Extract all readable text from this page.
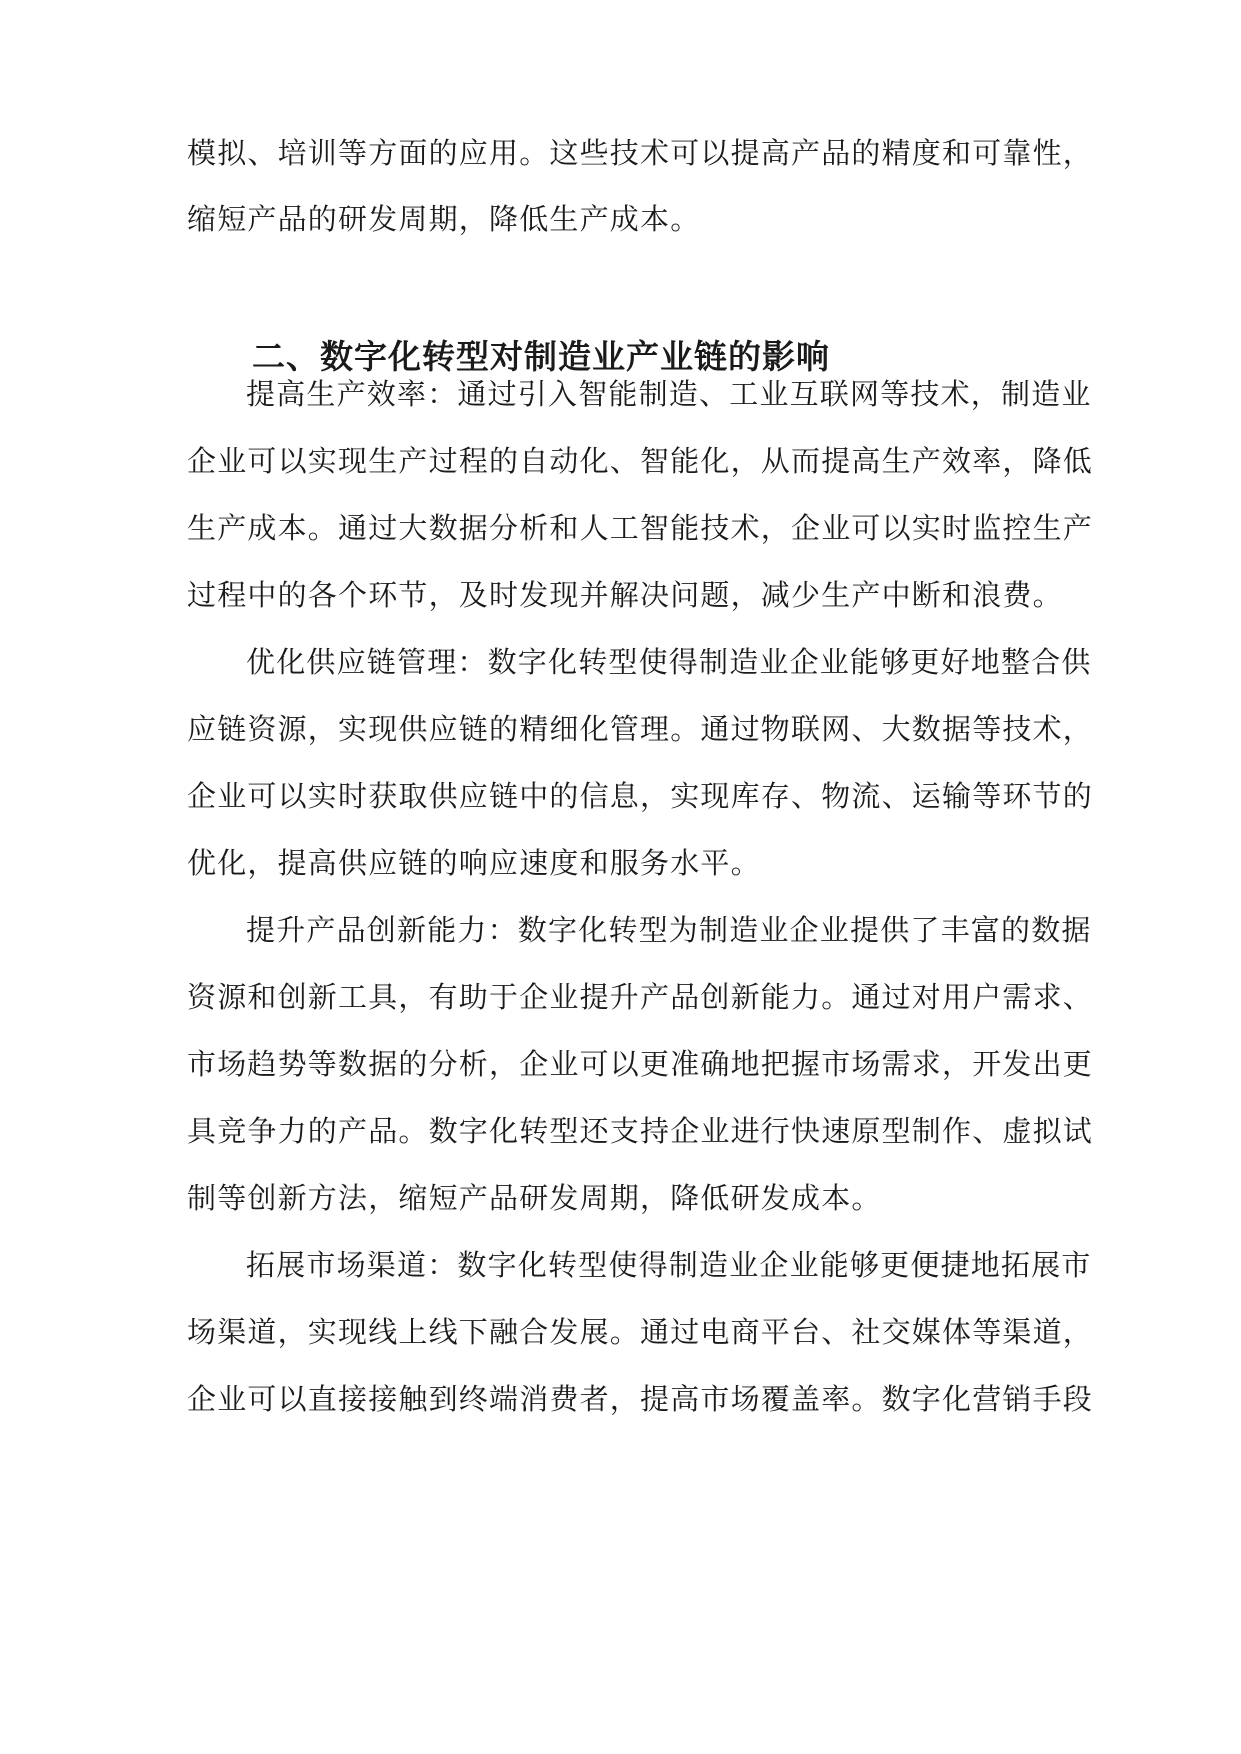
模拟、培训等方面的应用。这些技术可以提高产品的精度和可靠性，
缩短产品的研发周期，降低生产成本。
二、数字化转型对制造业产业链的影响
提高生产效率：通过引入智能制造、工业互联网等技术，制造业
企业可以实现生产过程的自动化、智能化，从而提高生产效率，降低
生产成本。通过大数据分析和人工智能技术，企业可以实时监控生产
过程中的各个环节，及时发现并解决问题，减少生产中断和浪费。
优化供应链管理：数字化转型使得制造业企业能够更好地整合供
应链资源，实现供应链的精细化管理。通过物联网、大数据等技术，
企业可以实时获取供应链中的信息，实现库存、物流、运输等环节的
优化，提高供应链的响应速度和服务水平。
提升产品创新能力：数字化转型为制造业企业提供了丰富的数据
资源和创新工具，有助于企业提升产品创新能力。通过对用户需求、
市场趋势等数据的分析，企业可以更准确地把握市场需求，开发出更
具竞争力的产品。数字化转型还支持企业进行快速原型制作、虚拟试
制等创新方法，缩短产品研发周期，降低研发成本。
拓展市场渠道：数字化转型使得制造业企业能够更便捷地拓展市
场渠道，实现线上线下融合发展。通过电商平台、社交媒体等渠道，
企业可以直接接触到终端消费者，提高市场覆盖率。数字化营销手段
